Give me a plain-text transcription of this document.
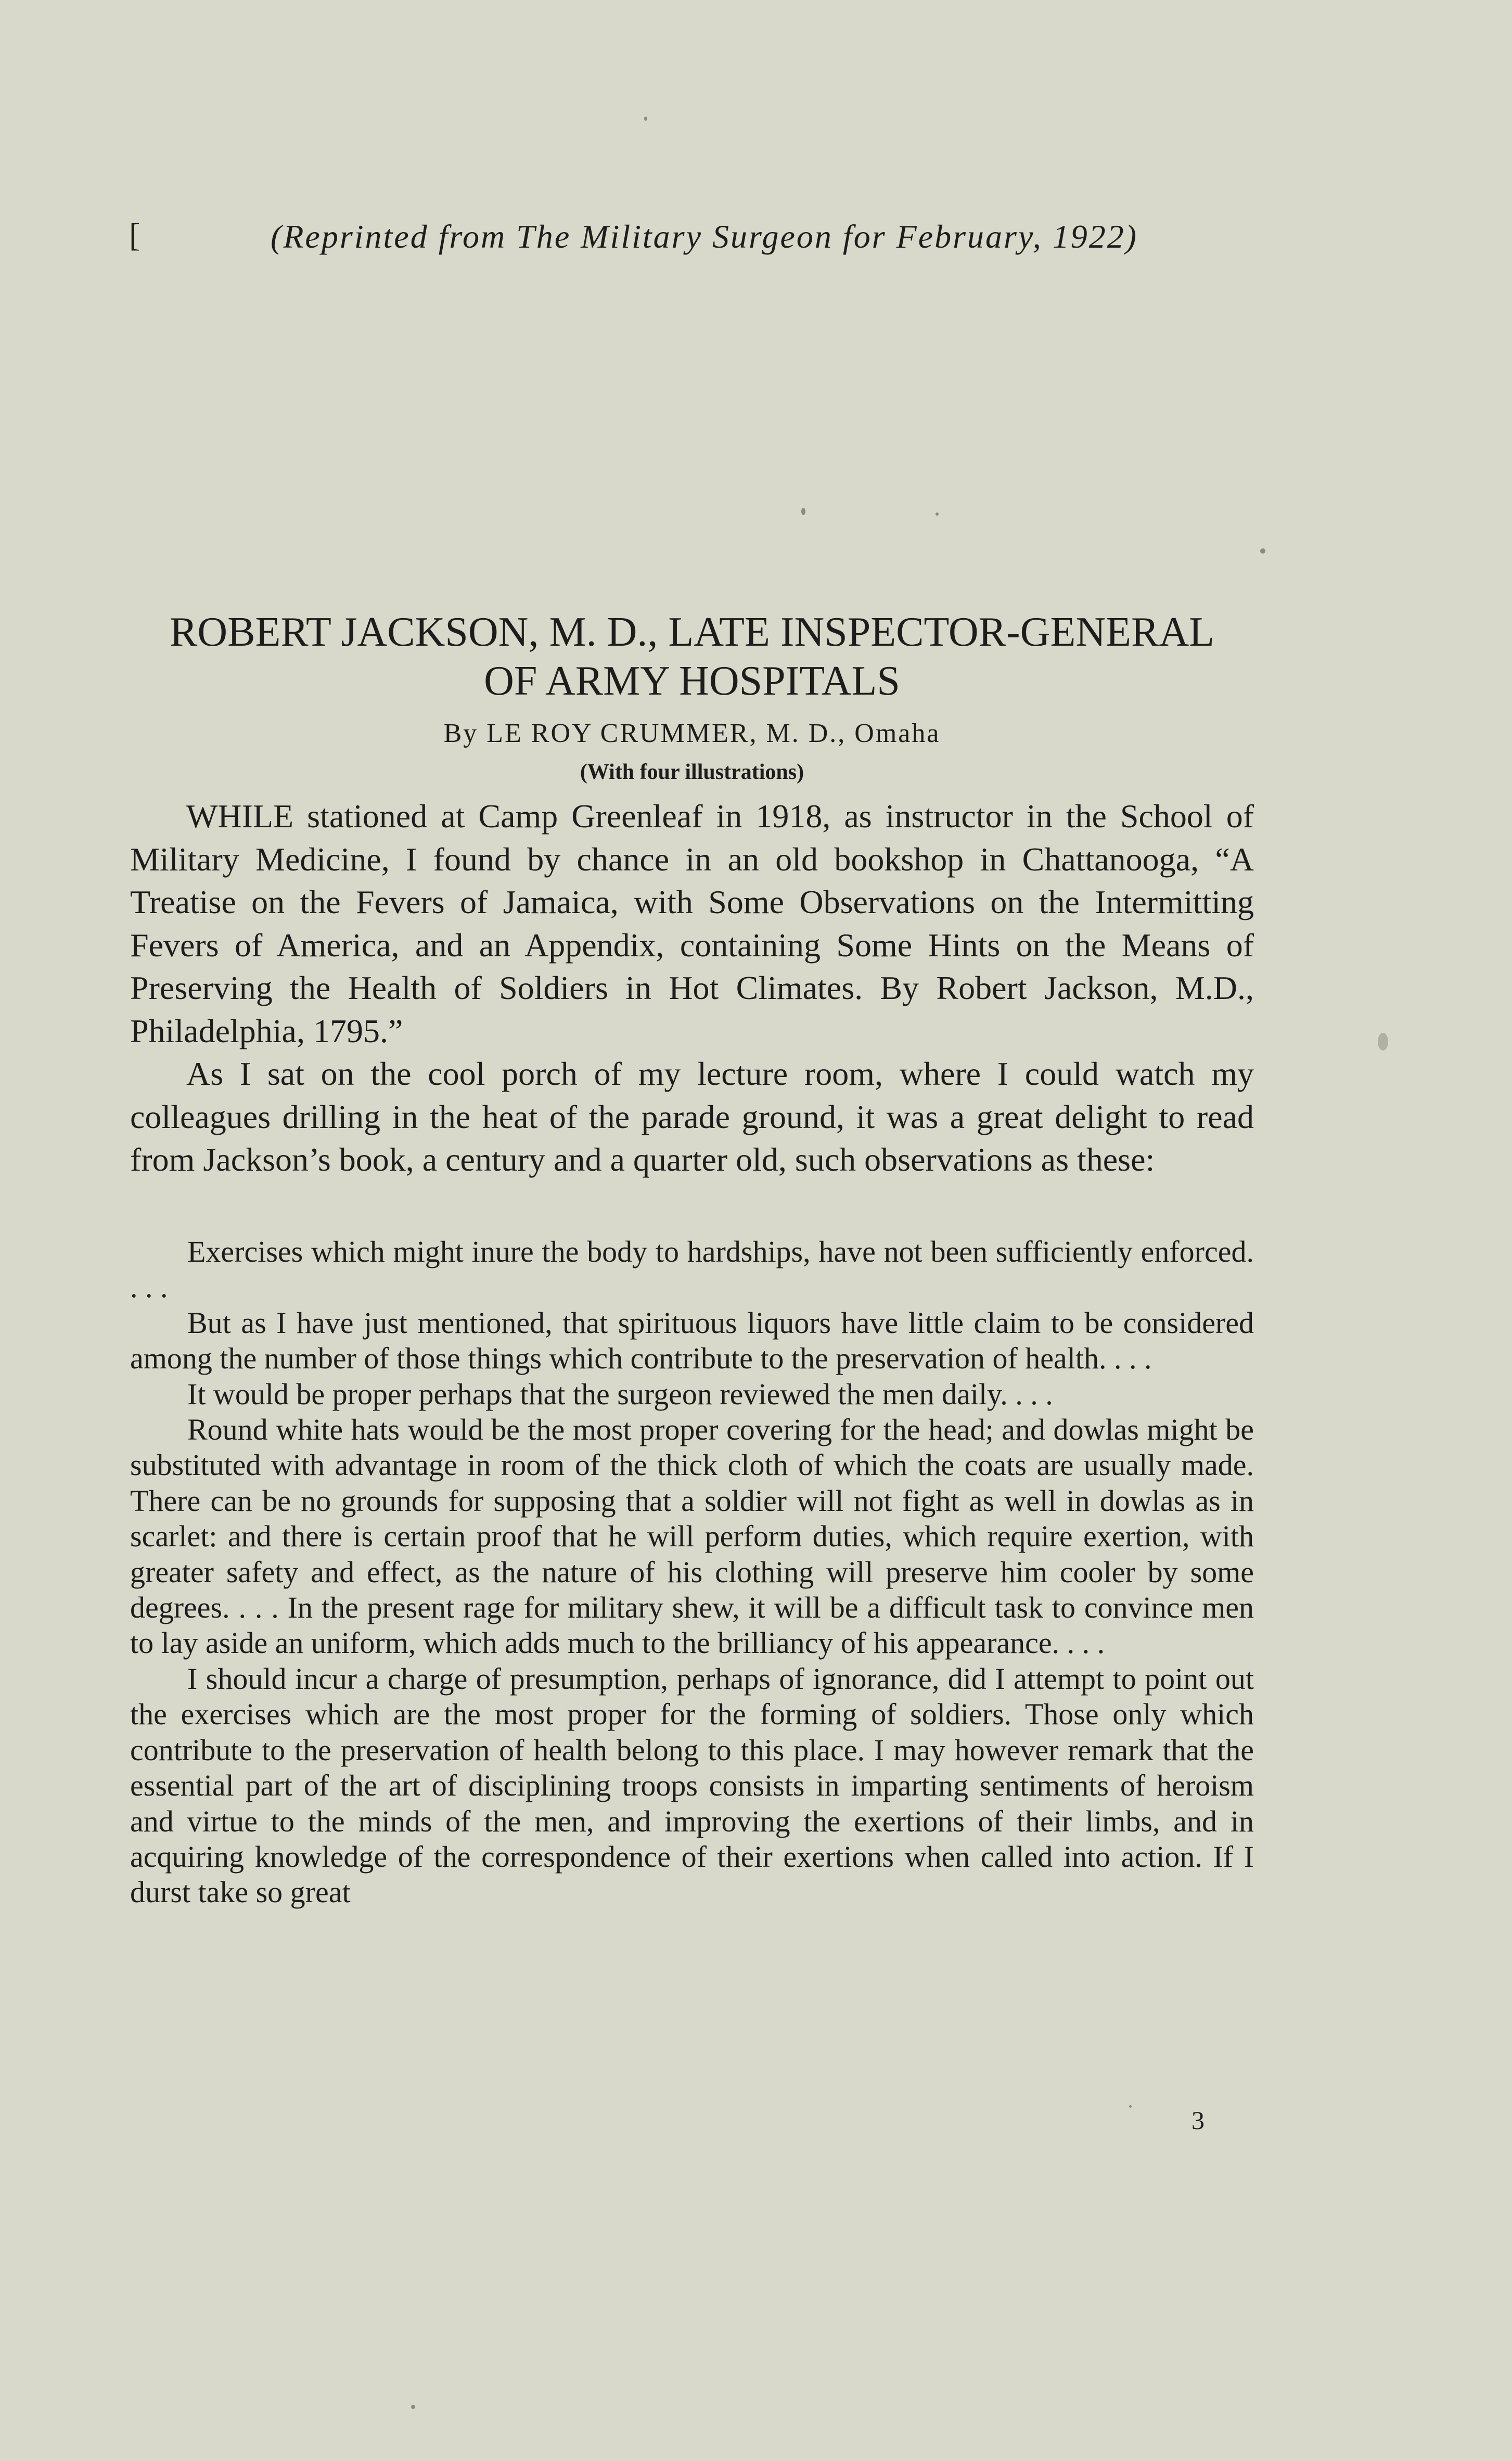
[	(Reprinted from The Military Surgeon for February, 1922)
ROBERT JACKSON, M. D., LATE INSPECTOR-GENERAL
OF ARMY HOSPITALS
By LE ROY CRUMMER, M. D., Omaha
(With four illustrations)

WHILE stationed at Camp Greenleaf in 1918, as instructor in the School of Military Medicine, I found by chance in an old bookshop in Chattanooga, “A Treatise on the Fevers of Jamaica, with Some Observations on the Intermitting Fevers of America, and an Appendix, containing Some Hints on the Means of Preserving the Health of Soldiers in Hot Climates. By Robert Jackson, M.D., Philadelphia, 1795.”

As I sat on the cool porch of my lecture room, where I could watch my colleagues drilling in the heat of the parade ground, it was a great delight to read from Jackson’s book, a century and a quarter old, such observations as these:

Exercises which might inure the body to hardships, have not been sufficiently enforced. . . .

But as I have just mentioned, that spirituous liquors have little claim to be considered among the number of those things which contribute to the preservation of health. . . .

It would be proper perhaps that the surgeon reviewed the men daily. . . .

Round white hats would be the most proper covering for the head; and dowlas might be substituted with advantage in room of the thick cloth of which the coats are usually made. There can be no grounds for supposing that a soldier will not fight as well in dowlas as in scarlet: and there is certain proof that he will perform duties, which require exertion, with greater safety and effect, as the nature of his clothing will preserve him cooler by some degrees. . . . In the present rage for military shew, it will be a difficult task to convince men to lay aside an uniform, which adds much to the brilliancy of his appearance. . . .

I should incur a charge of presumption, perhaps of ignorance, did I attempt to point out the exercises which are the most proper for the forming of soldiers. Those only which contribute to the preservation of health belong to this place. I may however remark that the essential part of the art of disciplining troops consists in imparting sentiments of heroism and virtue to the minds of the men, and improving the exertions of their limbs, and in acquiring knowledge of the correspondence of their exertions when called into action. If I durst take so great

3
